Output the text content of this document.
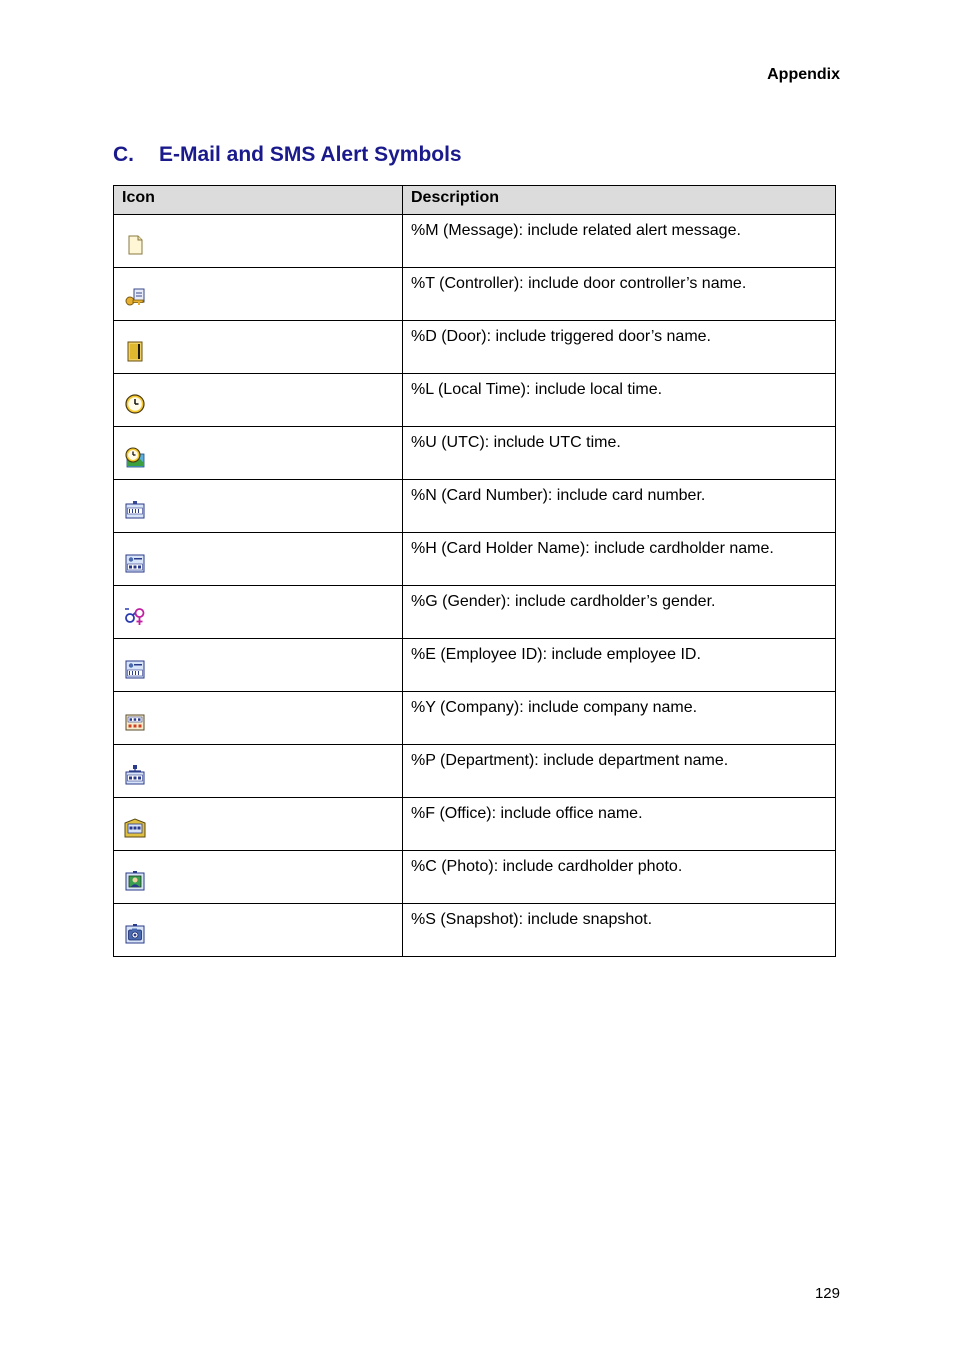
Appendix
C.	E-Mail and SMS Alert Symbols
Icon	Description

	%M (Message): include related alert message.

	%T (Controller): include door controller’s name.

	%D (Door): include triggered door’s name.

	%L (Local Time): include local time.

	%U (UTC): include UTC time.

	%N (Card Number): include card number.

	%H (Card Holder Name): include cardholder name.

	%G (Gender): include cardholder’s gender.

	%E (Employee ID): include employee ID.

	%Y (Company): include company name.

	%P (Department): include department name.

	%F (Office): include office name.

	%C (Photo): include cardholder photo.

	%S (Snapshot): include snapshot.
129
